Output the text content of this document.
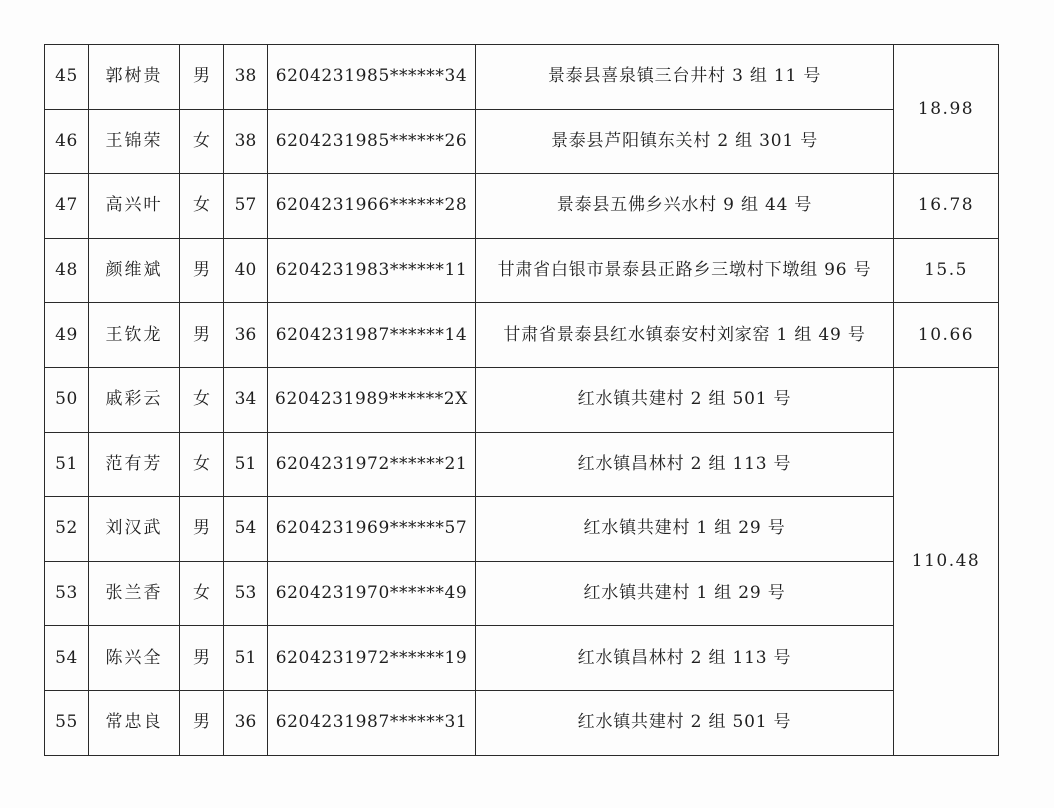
45	郭树贵	男	38	6204231985******34	景泰县喜泉镇三台井村 3 组 11 号	18.98
46	王锦荣	女	38	6204231985******26	景泰县芦阳镇东关村 2 组 301 号	
47	高兴叶	女	57	6204231966******28	景泰县五佛乡兴水村 9 组 44 号	16.78
48	颜维斌	男	40	6204231983******11	甘肃省白银市景泰县正路乡三墩村下墩组 96 号	15.5
49	王钦龙	男	36	6204231987******14	甘肃省景泰县红水镇泰安村刘家窑 1 组 49 号	10.66
50	戚彩云	女	34	6204231989******2X	红水镇共建村 2 组 501 号	110.48
51	范有芳	女	51	6204231972******21	红水镇昌林村 2 组 113 号	
52	刘汉武	男	54	6204231969******57	红水镇共建村 1 组 29 号	
53	张兰香	女	53	6204231970******49	红水镇共建村 1 组 29 号	
54	陈兴全	男	51	6204231972******19	红水镇昌林村 2 组 113 号	
55	常忠良	男	36	6204231987******31	红水镇共建村 2 组 501 号	
